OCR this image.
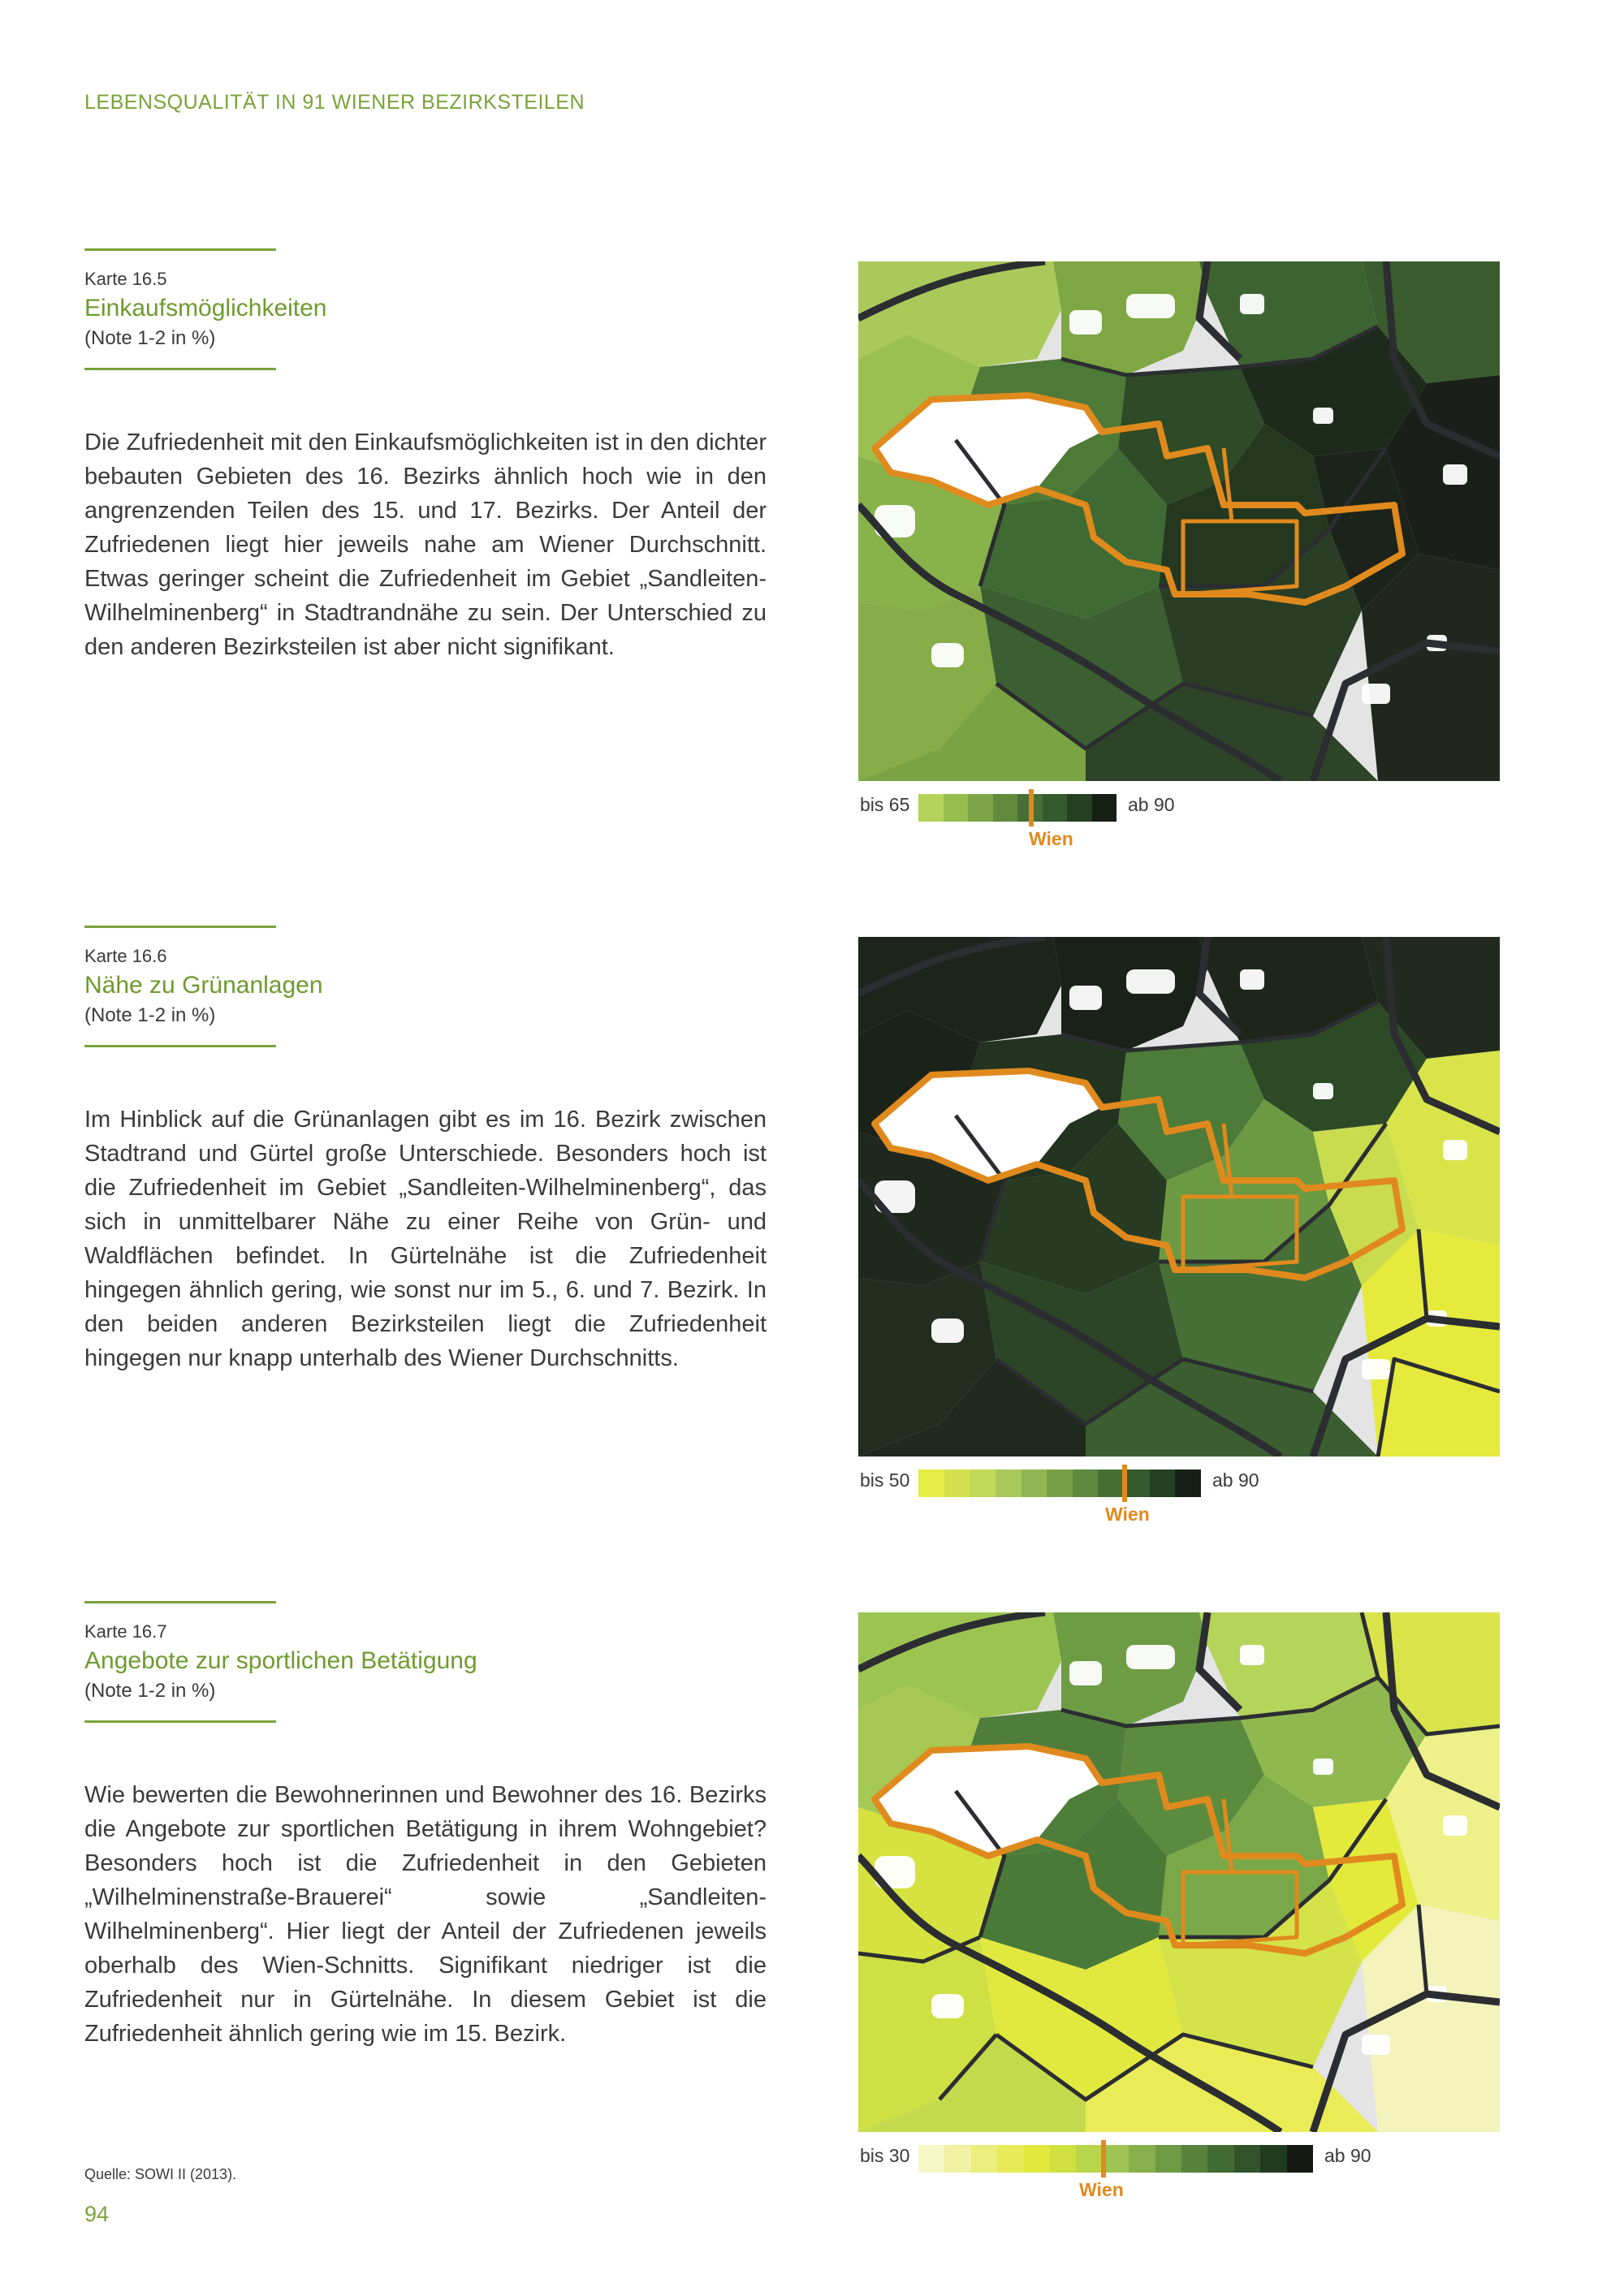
LEBENSQUALITÄT IN 91 WIENER BEZIRKSTEILEN
Karte 16.5
Einkaufsmöglichkeiten
(Note 1-2 in %)
Die Zufriedenheit mit den Einkaufsmöglichkeiten ist in den dichter bebauten Gebieten des 16. Bezirks ähnlich hoch wie in den angrenzenden Teilen des 15. und 17. Bezirks. Der Anteil der Zufriedenen liegt hier jeweils nahe am Wiener Durchschnitt. Etwas geringer scheint die Zufriedenheit im Gebiet „Sandleiten-Wilhelminenberg“ in Stadtrandnähe zu sein. Der Unterschied zu den anderen Bezirksteilen ist aber nicht signifikant.
bis 65	ab 90
Wien
Karte 16.6
Nähe zu Grünanlagen
(Note 1-2 in %)
Im Hinblick auf die Grünanlagen gibt es im 16. Bezirk zwischen Stadtrand und Gürtel große Unterschiede. Besonders hoch ist die Zufriedenheit im Gebiet „Sandleiten-Wilhelminenberg“, das sich in unmittelbarer Nähe zu einer Reihe von Grün- und Waldflächen befindet. In Gürtelnähe ist die Zufriedenheit hingegen ähnlich gering, wie sonst nur im 5., 6. und 7. Bezirk. In den beiden anderen Bezirksteilen liegt die Zufriedenheit hingegen nur knapp unterhalb des Wiener Durchschnitts.
bis 50	ab 90
Wien
Karte 16.7
Angebote zur sportlichen Betätigung
(Note 1-2 in %)
Wie bewerten die Bewohnerinnen und Bewohner des 16. Bezirks die Angebote zur sportlichen Betätigung in ihrem Wohngebiet? Besonders hoch ist die Zufriedenheit in den Gebieten „Wilhelminenstraße-Brauerei“ sowie „Sandleiten-Wilhelminenberg“. Hier liegt der Anteil der Zufriedenen jeweils oberhalb des Wien-Schnitts. Signifikant niedriger ist die Zufriedenheit nur in Gürtelnähe. In diesem Gebiet ist die Zufriedenheit ähnlich gering wie im 15. Bezirk.
bis 30	ab 90
Wien
Quelle: SOWI II (2013).
94
